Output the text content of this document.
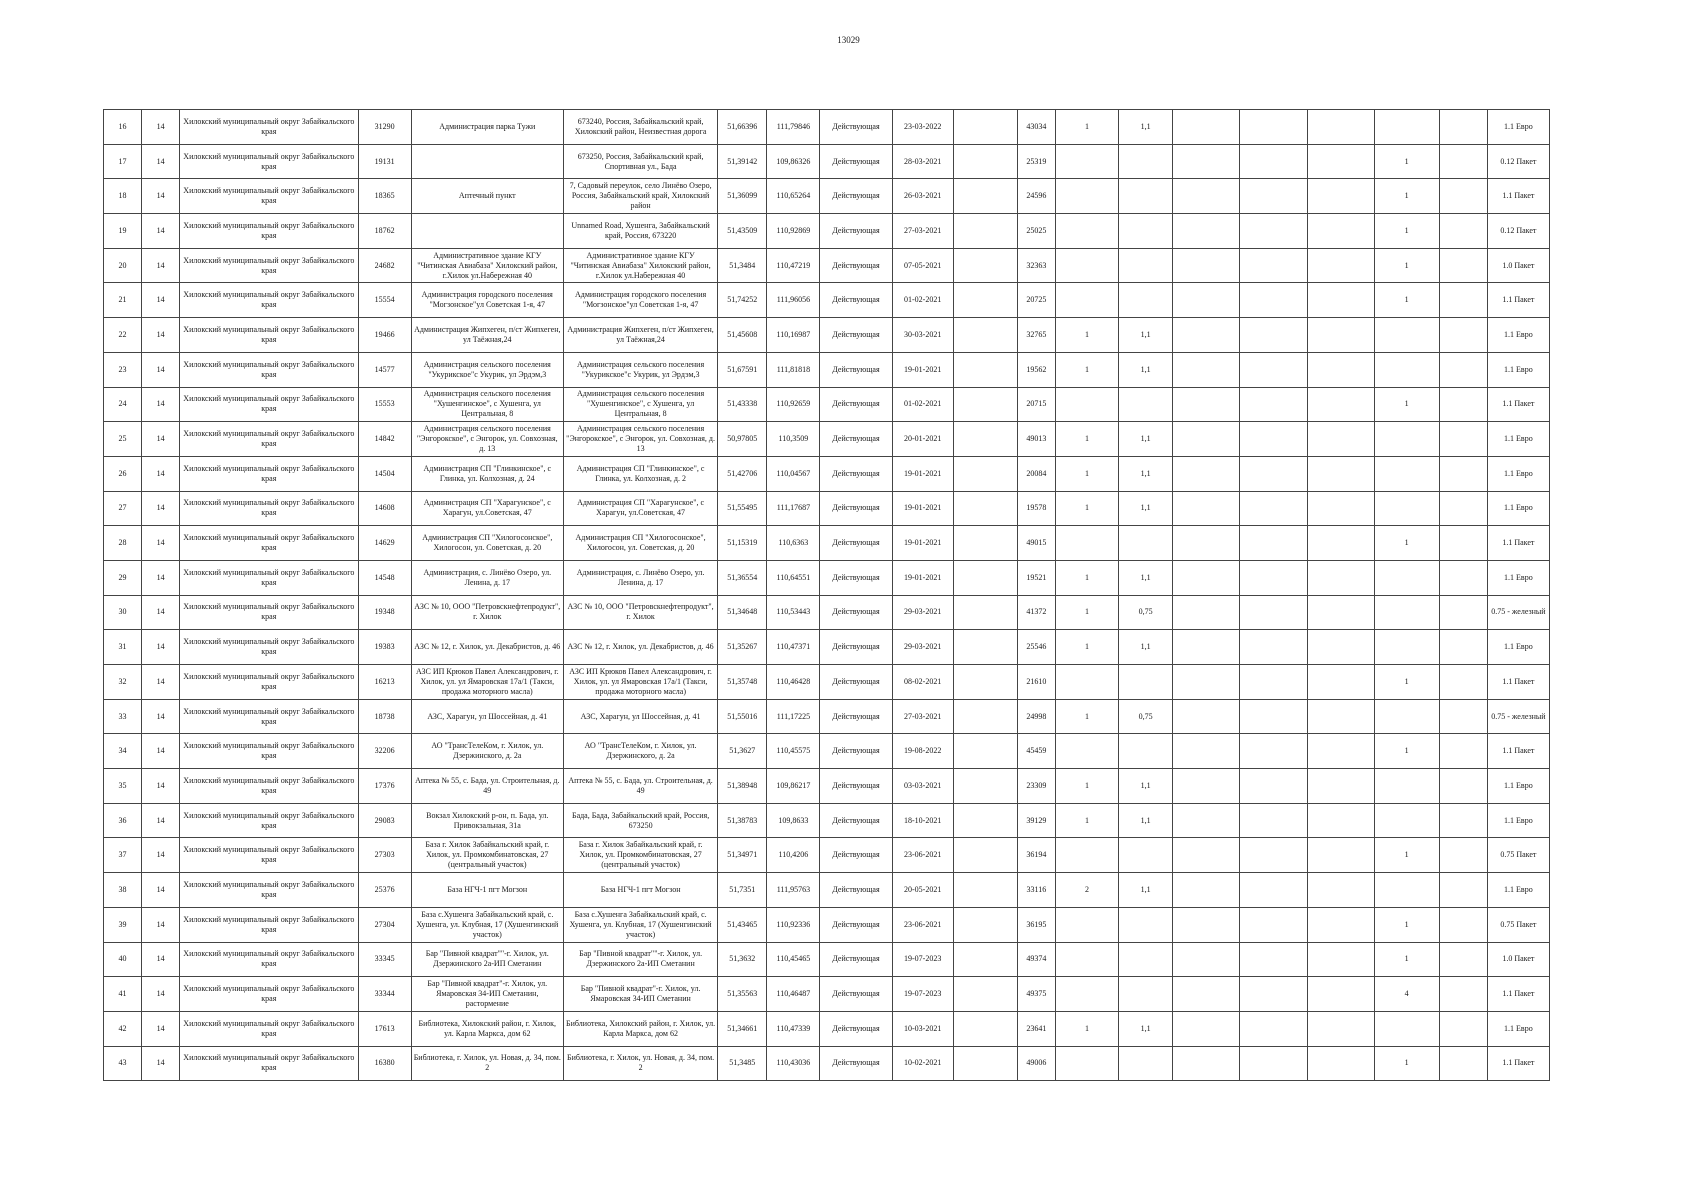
13029
16	14	Хилокский муниципальный округ Забайкальского края	31290	Администрация парка Тужи	673240, Россия, Забайкальский край, Хилокский район, Неизвестная дорога	51,66396	111,79846	Действующая	23-03-2022		43034	1	1,1						1.1 Евро
17	14	Хилокский муниципальный округ Забайкальского края	19131		673250, Россия, Забайкальский край, Спортивная ул., Бада	51,39142	109,86326	Действующая	28-03-2021		25319						1		0.12 Пакет
18	14	Хилокский муниципальный округ Забайкальского края	18365	Аптечный пункт	7, Садовый переулок, село Линёво Озеро, Россия, Забайкальский край, Хилокский район	51,36099	110,65264	Действующая	26-03-2021		24596						1		1.1 Пакет
19	14	Хилокский муниципальный округ Забайкальского края	18762		Unnamed Road, Хушенга, Забайкальский край, Россия, 673220	51,43509	110,92869	Действующая	27-03-2021		25025						1		0.12 Пакет
20	14	Хилокский муниципальный округ Забайкальского края	24682	Административное здание КГУ "Читинская Авиабаза" Хилокский район, г.Хилок ул.Набережная 40	Административное здание КГУ "Читинская Авиабаза" Хилокский район, г.Хилок ул.Набережная 40	51,3484	110,47219	Действующая	07-05-2021		32363						1		1.0 Пакет
21	14	Хилокский муниципальный округ Забайкальского края	15554	Администрация городского поселения "Могзонское"ул Советская 1-я, 47	Администрация городского поселения "Могзонское"ул Советская 1-я, 47	51,74252	111,96056	Действующая	01-02-2021		20725						1		1.1 Пакет
22	14	Хилокский муниципальный округ Забайкальского края	19466	Администрация Жипхеген, п/ст Жипхеген, ул Таёжная,24	Администрация Жипхеген, п/ст Жипхеген, ул Таёжная,24	51,45608	110,16987	Действующая	30-03-2021		32765	1	1,1						1.1 Евро
23	14	Хилокский муниципальный округ Забайкальского края	14577	Администрация сельского поселения "Укурикское"с Укурик, ул Эрдэм,3	Администрация сельского поселения "Укурикское"с Укурик, ул Эрдэм,3	51,67591	111,81818	Действующая	19-01-2021		19562	1	1,1						1.1 Евро
24	14	Хилокский муниципальный округ Забайкальского края	15553	Администрация сельского поселения "Хушенгинское", с Хушенга, ул Центральная, 8	Администрация сельского поселения "Хушенгинское", с Хушенга, ул Центральная, 8	51,43338	110,92659	Действующая	01-02-2021		20715						1		1.1 Пакет
25	14	Хилокский муниципальный округ Забайкальского края	14842	Администрация сельского поселения "Энгорокское", с Энгорок, ул. Совхозная, д. 13	Администрация сельского поселения "Энгорокское", с Энгорок, ул. Совхозная, д. 13	50,97805	110,3509	Действующая	20-01-2021		49013	1	1,1						1.1 Евро
26	14	Хилокский муниципальный округ Забайкальского края	14504	Администрация СП "Глинкинское", с Глинка, ул. Колхозная, д. 24	Администрация СП "Глинкинское", с Глинка, ул. Колхозная, д. 2	51,42706	110,04567	Действующая	19-01-2021		20084	1	1,1						1.1 Евро
27	14	Хилокский муниципальный округ Забайкальского края	14608	Администрация СП "Харагунское", с Харагун, ул.Советская, 47	Администрация СП "Харагунское", с Харагун, ул.Советская, 47	51,55495	111,17687	Действующая	19-01-2021		19578	1	1,1						1.1 Евро
28	14	Хилокский муниципальный округ Забайкальского края	14629	Администрация СП "Хилогосонское", Хилогосон, ул. Советская, д. 20	Администрация СП "Хилогосонское", Хилогосон, ул. Советская, д. 20	51,15319	110,6363	Действующая	19-01-2021		49015						1		1.1 Пакет
29	14	Хилокский муниципальный округ Забайкальского края	14548	Администрация, с. Линёво Озеро, ул. Ленина, д. 17	Администрация, с. Линёво Озеро, ул. Ленина, д. 17	51,36554	110,64551	Действующая	19-01-2021		19521	1	1,1						1.1 Евро
30	14	Хилокский муниципальный округ Забайкальского края	19348	АЗС № 10, ООО "Петровскнефтепродукт", г. Хилок	АЗС № 10, ООО "Петровскнефтепродукт", г. Хилок	51,34648	110,53443	Действующая	29-03-2021		41372	1	0,75						0.75 - железный
31	14	Хилокский муниципальный округ Забайкальского края	19383	АЗС № 12, г. Хилок, ул. Декабристов, д. 46	АЗС № 12, г. Хилок, ул. Декабристов, д. 46	51,35267	110,47371	Действующая	29-03-2021		25546	1	1,1						1.1 Евро
32	14	Хилокский муниципальный округ Забайкальского края	16213	АЗС ИП Крюков Павел Александрович, г. Хилок, ул. ул Ямаровская 17а/1 (Такси, продажа моторного масла)	АЗС ИП Крюков Павел Александрович, г. Хилок, ул. ул Ямаровская 17а/1 (Такси, продажа моторного масла)	51,35748	110,46428	Действующая	08-02-2021		21610						1		1.1 Пакет
33	14	Хилокский муниципальный округ Забайкальского края	18738	АЗС, Харагун, ул Шоссейная, д. 41	АЗС, Харагун, ул Шоссейная, д. 41	51,55016	111,17225	Действующая	27-03-2021		24998	1	0,75						0.75 - железный
34	14	Хилокский муниципальный округ Забайкальского края	32206	АО "ТрансТелеКом, г. Хилок, ул. Дзержинского, д. 2а	АО "ТрансТелеКом, г. Хилок, ул. Дзержинского, д. 2а	51,3627	110,45575	Действующая	19-08-2022		45459						1		1.1 Пакет
35	14	Хилокский муниципальный округ Забайкальского края	17376	Аптека № 55, с. Бада, ул. Строительная, д. 49	Аптека № 55, с. Бада, ул. Строительная, д. 49	51,38948	109,86217	Действующая	03-03-2021		23309	1	1,1						1.1 Евро
36	14	Хилокский муниципальный округ Забайкальского края	29083	Вокзал Хилокский р-он, п. Бада, ул. Привокзальная, 31а	Бада, Бада, Забайкальский край, Россия, 673250	51,38783	109,8633	Действующая	18-10-2021		39129	1	1,1						1.1 Евро
37	14	Хилокский муниципальный округ Забайкальского края	27303	База г. Хилок Забайкальский край, г. Хилок, ул. Промкомбинатовская, 27 (центральный участок)	База г. Хилок Забайкальский край, г. Хилок, ул. Промкомбинатовская, 27 (центральный участок)	51,34971	110,4206	Действующая	23-06-2021		36194						1		0.75 Пакет
38	14	Хилокский муниципальный округ Забайкальского края	25376	База НГЧ-1 пгт Могзон	База НГЧ-1 пгт Могзон	51,7351	111,95763	Действующая	20-05-2021		33116	2	1,1						1.1 Евро
39	14	Хилокский муниципальный округ Забайкальского края	27304	База с.Хушенга Забайкальский край, с. Хушенга, ул. Клубная, 17 (Хушенгинский участок)	База с.Хушенга Забайкальский край, с. Хушенга, ул. Клубная, 17 (Хушенгинский участок)	51,43465	110,92336	Действующая	23-06-2021		36195						1		0.75 Пакет
40	14	Хилокский муниципальный округ Забайкальского края	33345	Бар "Пивной квадрат""-г. Хилок, ул. Дзержинского 2а-ИП Сметанин	Бар "Пивной квадрат""-г. Хилок, ул. Дзержинского 2а-ИП Сметанин	51,3632	110,45465	Действующая	19-07-2023		49374						1		1.0 Пакет
41	14	Хилокский муниципальный округ Забайкальского края	33344	Бар "Пивной квадрат"-г. Хилок, ул. Ямаровская 34-ИП Сметанин, растормение	Бар "Пивной квадрат"-г. Хилок, ул. Ямаровская 34-ИП Сметанин	51,35563	110,46487	Действующая	19-07-2023		49375						4		1.1 Пакет
42	14	Хилокский муниципальный округ Забайкальского края	17613	Библиотека, Хилокский район, г. Хилок, ул. Карла Маркса, дом 62	Библиотека, Хилокский район, г. Хилок, ул. Карла Маркса, дом 62	51,34661	110,47339	Действующая	10-03-2021		23641	1	1,1						1.1 Евро
43	14	Хилокский муниципальный округ Забайкальского края	16380	Библиотека, г. Хилок, ул. Новая, д. 34, пом. 2	Библиотека, г. Хилок, ул. Новая, д. 34, пом. 2	51,3485	110,43036	Действующая	10-02-2021		49006						1		1.1 Пакет
